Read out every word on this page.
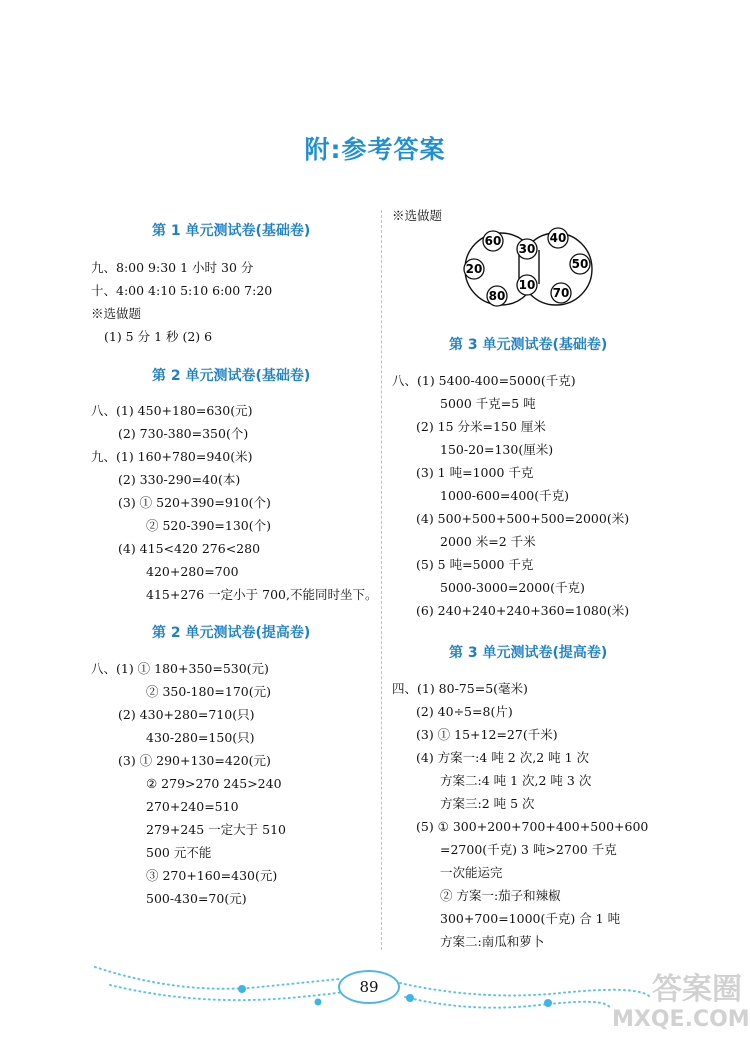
附:参考答案
第 1 单元测试卷(基础卷)
九、8:00 9:30 1 小时 30 分
十、4:00 4:10 5:10 6:00 7:20
※选做题
(1) 5 分 1 秒 (2) 6
第 2 单元测试卷(基础卷)
八、(1) 450+180=630(元)
(2) 730-380=350(个)
九、(1) 160+780=940(米)
(2) 330-290=40(本)
(3) ① 520+390=910(个)
② 520-390=130(个)
(4) 415<420 276<280
420+280=700
415+276 一定小于 700,不能同时坐下。
第 2 单元测试卷(提高卷)
八、(1) ① 180+350=530(元)
② 350-180=170(元)
(2) 430+280=710(只)
430-280=150(只)
(3) ① 290+130=420(元)
② 279>270 245>240
270+240=510
279+245 一定大于 510
500 元不能
③ 270+160=430(元)
500-430=70(元)
※选做题
60
30
40
20	50
80
10
70
第 3 单元测试卷(基础卷)
八、(1) 5400-400=5000(千克)
5000 千克=5 吨
(2) 15 分米=150 厘米
150-20=130(厘米)
(3) 1 吨=1000 千克
1000-600=400(千克)
(4) 500+500+500+500=2000(米)
2000 米=2 千米
(5) 5 吨=5000 千克
5000-3000=2000(千克)
(6) 240+240+240+360=1080(米)
第 3 单元测试卷(提高卷)
四、(1) 80-75=5(毫米)
(2) 40÷5=8(片)
(3) ① 15+12=27(千米)
(4) 方案一:4 吨 2 次,2 吨 1 次
方案二:4 吨 1 次,2 吨 3 次
方案三:2 吨 5 次
(5) ① 300+200+700+400+500+600
=2700(千克) 3 吨>2700 千克
一次能运完
② 方案一:茄子和辣椒
300+700=1000(千克) 合 1 吨
方案二:南瓜和萝卜
89	答案圈
MXQE.COM
